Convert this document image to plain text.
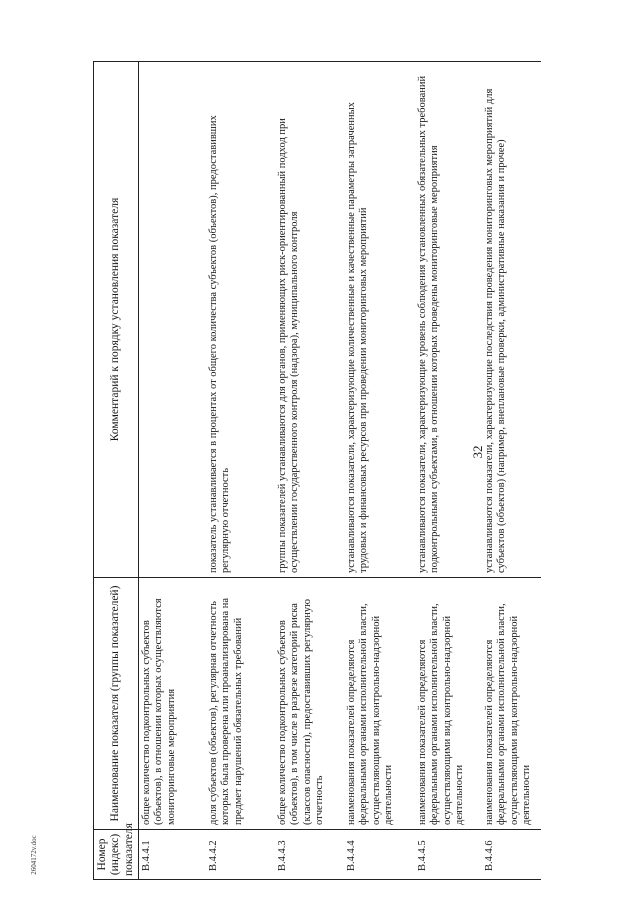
32
Номер (индекс) показателя	Наименование показателя (группы показателей)	Комментарий к порядку установления показателя
В.4.4.1	общее количество подконтрольных субъектов (объектов), в отношении которых осуществляются мониторинговые мероприятия	
В.4.4.2	доля субъектов (объектов), регулярная отчетность которых была проверена или проанализирована на предмет нарушений обязательных требований	показатель устанавливается в процентах от общего количества субъектов (объектов), предоставивших регулярную отчетность
В.4.4.3	общее количество подконтрольных субъектов (объектов), в том числе в разрезе категорий риска (классов опасности), предоставивших регулярную отчетность	группы показателей устанавливаются для органов, применяющих риск-ориентированный подход при осуществлении государственного контроля (надзора), муниципального контроля
В.4.4.4	наименования показателей определяются федеральными органами исполнительной власти, осуществляющими вид контрольно-надзорной деятельности	устанавливаются показатели, характеризующие количественные и качественные параметры затраченных трудовых и финансовых ресурсов при проведении мониторинговых мероприятий
В.4.4.5	наименования показателей определяются федеральными органами исполнительной власти, осуществляющими вид контрольно-надзорной деятельности	устанавливаются показатели, характеризующие уровень соблюдения установленных обязательных требований подконтрольными субъектами, в отношении которых проведены мониторинговые мероприятия
В.4.4.6	наименования показателей определяются федеральными органами исполнительной власти, осуществляющими вид контрольно-надзорной деятельности	устанавливаются показатели, характеризующие последствия проведения мониторинговых мероприятий для субъектов (объектов) (например, внеплановые проверки, административные наказания и прочее)
2604172v.doc
